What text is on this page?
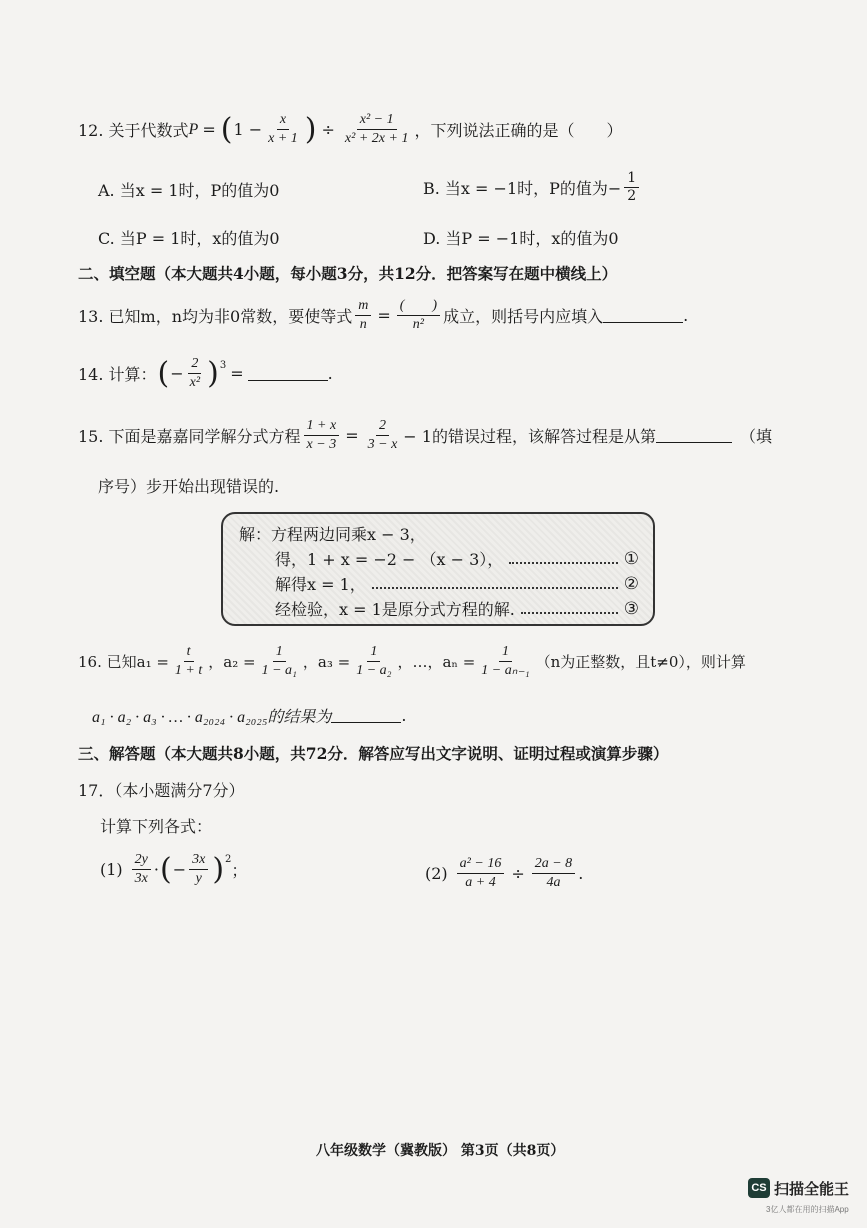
12. 关于代数式 P = ( $1 - \frac{x}{x + 1}$ ) ÷ $\frac{\text{x² − 1}}{\text{x² + 2x + 1}}$ ，下列说法正确的是（　　）
A. 当x = 1时，P的值为0	B. 当x = −1时，P的值为− $\frac{1}{2}$
C. 当P = 1时，x的值为0	D. 当P = −1时，x的值为0
二、填空题（本大题共4小题，每小题3分，共12分．把答案写在题中横线上）
13. 已知m，n均为非0常数，要使等式 $\frac{m}{n} = \frac{( )}{\text{n²}}$ 成立，则括号内应填入	.
14. 计算： ( − $\frac{2}{\text{x²}} )^3$ =	.
15. 下面是嘉嘉同学解分式方程 $\frac{1 + x}{x - 3} = \frac{2}{3 - x} - 1$的错误过程，该解答过程是从第	（填
序号）步开始出现错误的.
解：方程两边同乘x − 3，
得，1 + x = −2 − （x − 3），	①
解得x = 1，	②
经检验，x = 1是原分式方程的解.	③
16. 已知$a_1 = \frac{t}{1 + t}$ ，$a_2 = \frac{1}{\text{1 − a₁}}$ ，$a_3 = \frac{1}{\text{1 − a₂}}$ ，…，$a_n = \frac{1}{\text{1 − aₙ₋₁}} (n$为正整数，且t≠0），则计算
a₁ · a₂ · a₃ · … · a₂₀₂₄ · a₂₀₂₅的结果为	.
三、解答题（本大题共8小题，共72分．解答应写出文字说明、证明过程或演算步骤）
17．（本小题满分7分）
计算下列各式：
$(1) \frac{2y}{3x}$ · ( − $\frac{3x}{y} )^2$
；	$(2) \frac{\text{a² − 16}}{a + 4} \div \frac{2a - 8}{4a}$ .
八年级数学（冀教版） 第3页（共8页）
CS 扫描全能王
3亿人都在用的扫描App
